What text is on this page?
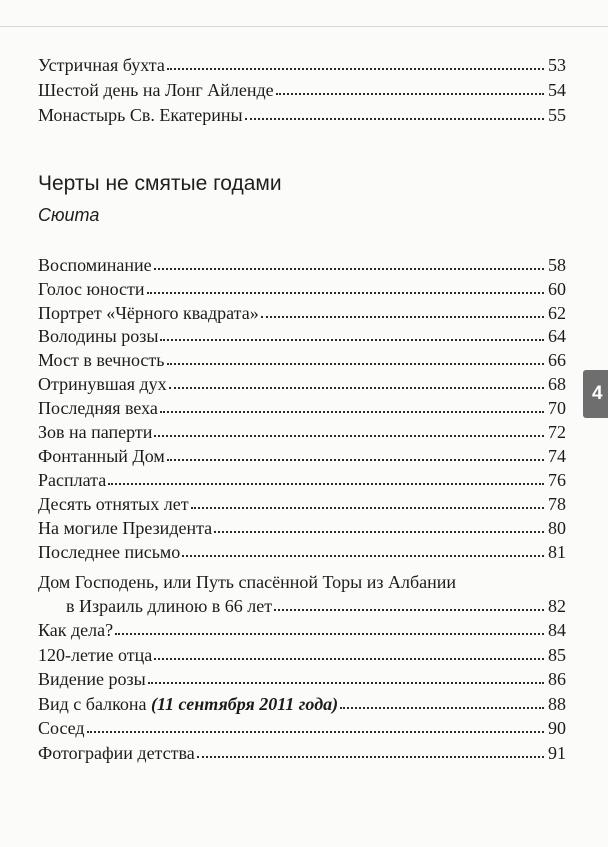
Устричная бухта	53
Шестой день на Лонг Айленде	54
Монастырь Св. Екатерины	55
Черты не смятые годами
Сюита
Воспоминание	58
Голос юности	60
Портрет «Чёрного квадрата»	62
Володины розы	64
Мост в вечность	66
Отринувшая дух	68
Последняя веха	70
Зов на паперти	72
Фонтанный Дом	74
Расплата	76
Десять отнятых лет	78
На могиле Президента	80
Последнее письмо	81
Дом Господень, или Путь спасённой Торы из Албании
в Израиль длиною в 66 лет	82
Как дела?	84
120-летие отца	85
Видение розы	86
Вид с балкона (11 сентября 2011 года)	88
Сосед	90
Фотографии детства	91
4
